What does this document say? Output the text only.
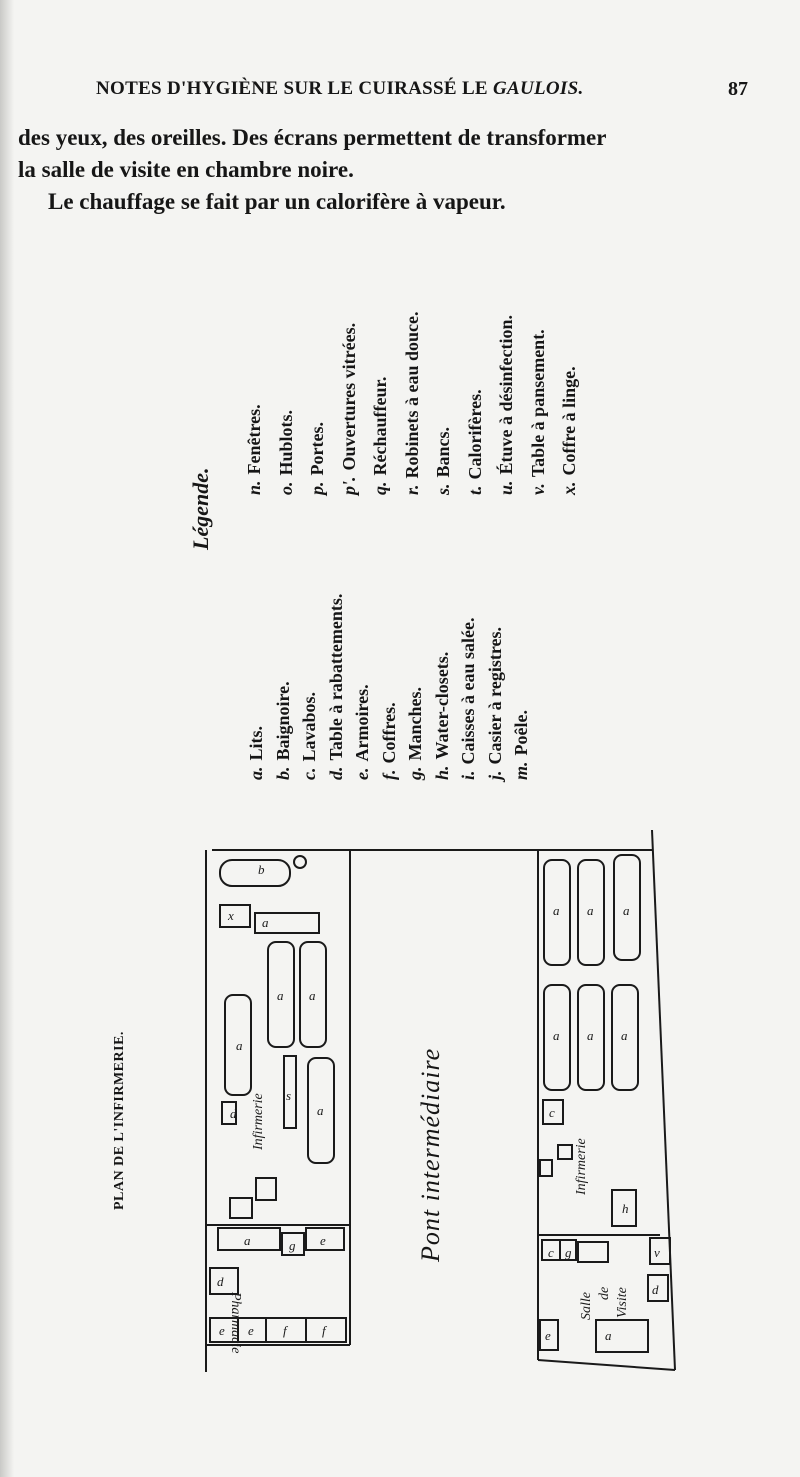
NOTES D'HYGIÈNE SUR LE CUIRASSÉ LE GAULOIS.	87
des yeux, des oreilles. Des écrans permettent de transformer
la salle de visite en chambre noire.
Le chauffage se fait par un calorifère à vapeur.
Légende.
a.Lits.
b.Baignoire.
c.Lavabos.
d.Table à rabattements.
e.Armoires.
f.Coffres.
g.Manches.
h.Water-closets.
i.Caisses à eau salée.
j.Casier à registres.
m.Poêle.
n.Fenêtres.
o.Hublots.
p.Portes.
p'.Ouvertures vitrées.
q.Réchauffeur.
r.Robinets à eau douce.
s.Bancs.
t.Calorifères.
u.Étuve à désinfection.
v.Table à pansement.
x.Coffre à linge.
PLAN DE L'INFIRMERIE.	Pont intermédiaire
a
a a
a
s
d
a
x
b
a	g e
d
e e f	f
a a a
a a a
c
c g
e	a
v
d
h
Infirmerie
Infirmerie
Pharmacie	Salle de Visite
